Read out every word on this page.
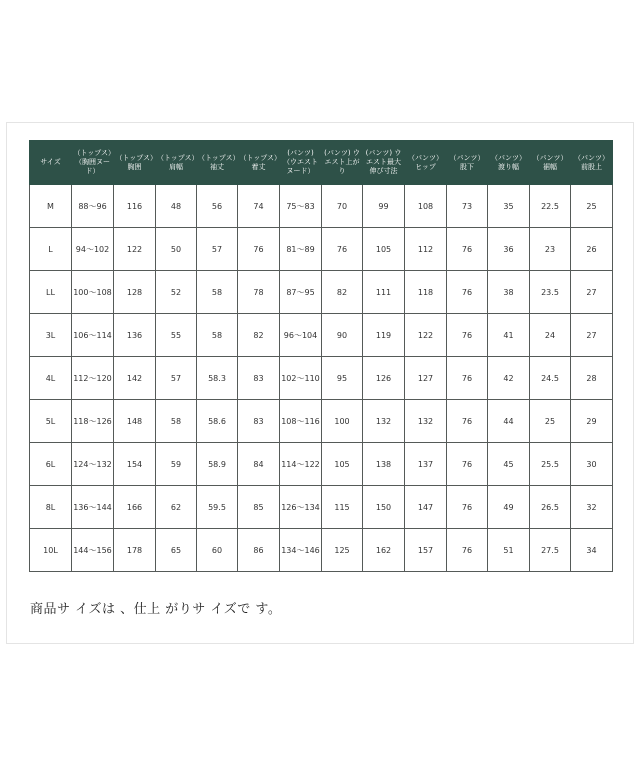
サイズ	（トップス）（胸囲ヌード）	（トップス）胸囲	（トップス）肩幅	（トップス）袖丈	（トップス）着丈	(パンツ)（ウエストヌード）	(パンツ) ウエスト上がり	(パンツ) ウエスト最大伸び寸法	（パンツ）ヒップ	（パンツ）股下	（パンツ）渡り幅	（パンツ）裾幅	（パンツ）前股上

M	88～96	116	48	56	74	75～83	70	99	108	73	35	22.5	25
L	94～102	122	50	57	76	81～89	76	105	112	76	36	23	26
LL	100～108	128	52	58	78	87～95	82	111	118	76	38	23.5	27
3L	106～114	136	55	58	82	96～104	90	119	122	76	41	24	27
4L	112～120	142	57	58.3	83	102～110	95	126	127	76	42	24.5	28
5L	118～126	148	58	58.6	83	108～116	100	132	132	76	44	25	29
6L	124～132	154	59	58.9	84	114～122	105	138	137	76	45	25.5	30
8L	136～144	166	62	59.5	85	126～134	115	150	147	76	49	26.5	32
10L	144～156	178	65	60	86	134～146	125	162	157	76	51	27.5	34
商品サ イズは 、仕上 がりサ イズで す。
